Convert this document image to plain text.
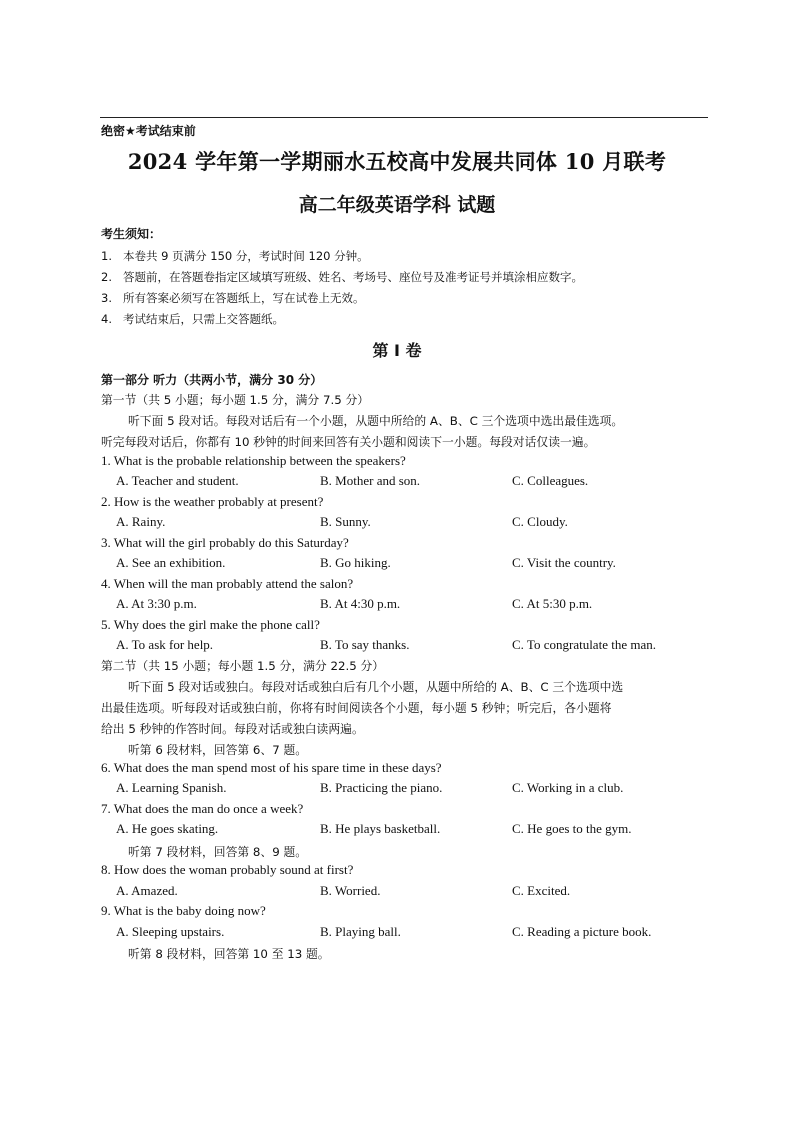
绝密★考试结束前
2024 学年第一学期丽水五校高中发展共同体 10 月联考
高二年级英语学科 试题
考生须知：
1. 本卷共 9 页满分 150 分，考试时间 120 分钟。
2. 答题前，在答题卷指定区域填写班级、姓名、考场号、座位号及准考证号并填涂相应数字。
3. 所有答案必须写在答题纸上，写在试卷上无效。
4. 考试结束后，只需上交答题纸。
第 I 卷
第一部分 听力（共两小节，满分 30 分）
第一节（共 5 小题；每小题 1.5 分，满分 7.5 分）
听下面 5 段对话。每段对话后有一个小题，从题中所给的 A、B、C 三个选项中选出最佳选项。
听完每段对话后，你都有 10 秒钟的时间来回答有关小题和阅读下一小题。每段对话仅读一遍。
1. What is the probable relationship between the speakers?
A. Teacher and student.	B. Mother and son.	C. Colleagues.
2. How is the weather probably at present?
A. Rainy.	B. Sunny.	C. Cloudy.
3. What will the girl probably do this Saturday?
A. See an exhibition.	B. Go hiking.	C. Visit the country.
4. When will the man probably attend the salon?
A. At 3:30 p.m.	B. At 4:30 p.m.	C. At 5:30 p.m.
5. Why does the girl make the phone call?
A. To ask for help.	B. To say thanks.	C. To congratulate the man.
第二节（共 15 小题；每小题 1.5 分，满分 22.5 分）
听下面 5 段对话或独白。每段对话或独白后有几个小题，从题中所给的 A、B、C 三个选项中选
出最佳选项。听每段对话或独白前，你将有时间阅读各个小题，每小题 5 秒钟；听完后，各小题将
给出 5 秒钟的作答时间。每段对话或独白读两遍。
听第 6 段材料，回答第 6、7 题。
6. What does the man spend most of his spare time in these days?
A. Learning Spanish.	B. Practicing the piano.	C. Working in a club.
7. What does the man do once a week?
A. He goes skating.	B. He plays basketball.	C. He goes to the gym.
听第 7 段材料，回答第 8、9 题。
8. How does the woman probably sound at first?
A. Amazed.	B. Worried.	C. Excited.
9. What is the baby doing now?
A. Sleeping upstairs.	B. Playing ball.	C. Reading a picture book.
听第 8 段材料，回答第 10 至 13 题。
